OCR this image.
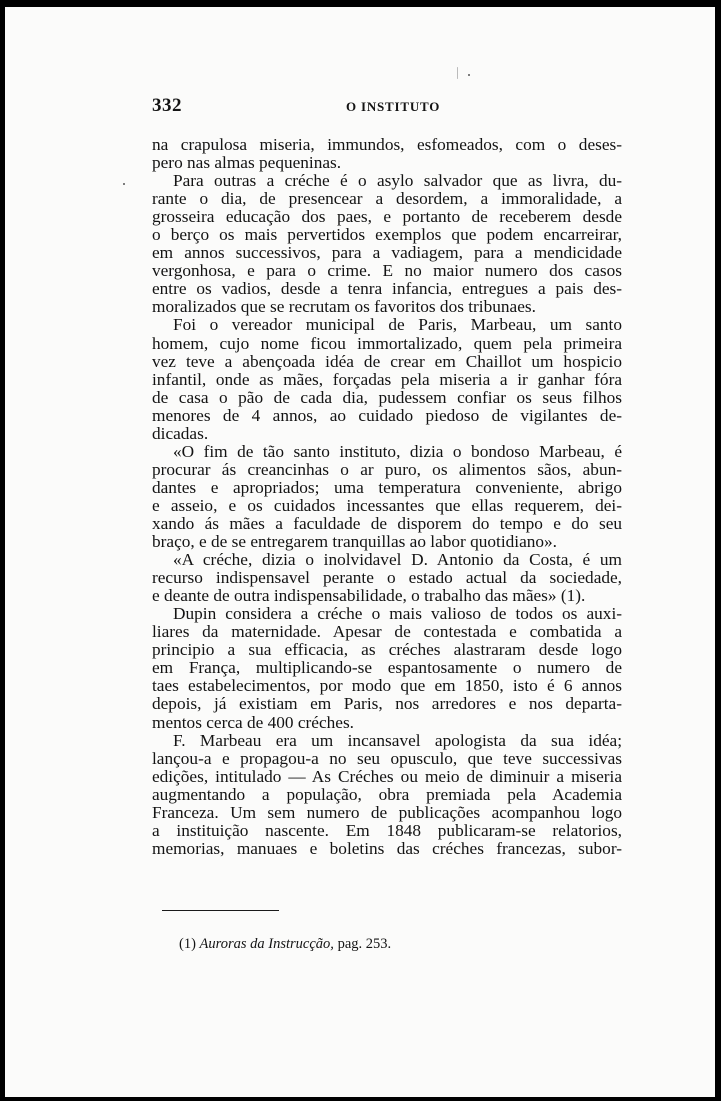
332	O INSTITUTO
na crapulosa miseria, immundos, esfomeados, com o deses-
pero nas almas pequeninas.
Para outras a créche é o asylo salvador que as livra, du-
rante o dia, de presencear a desordem, a immoralidade, a
grosseira educação dos paes, e portanto de receberem desde
o berço os mais pervertidos exemplos que podem encarreirar,
em annos successivos, para a vadiagem, para a mendicidade
vergonhosa, e para o crime. E no maior numero dos casos
entre os vadios, desde a tenra infancia, entregues a pais des-
moralizados que se recrutam os favoritos dos tribunaes.
Foi o vereador municipal de Paris, Marbeau, um santo
homem, cujo nome ficou immortalizado, quem pela primeira
vez teve a abençoada idéa de crear em Chaillot um hospicio
infantil, onde as mães, forçadas pela miseria a ir ganhar fóra
de casa o pão de cada dia, pudessem confiar os seus filhos
menores de 4 annos, ao cuidado piedoso de vigilantes de-
dicadas.
«O fim de tão santo instituto, dizia o bondoso Marbeau, é
procurar ás creancinhas o ar puro, os alimentos sãos, abun-
dantes e apropriados; uma temperatura conveniente, abrigo
e asseio, e os cuidados incessantes que ellas requerem, dei-
xando ás mães a faculdade de disporem do tempo e do seu
braço, e de se entregarem tranquillas ao labor quotidiano».
«A créche, dizia o inolvidavel D. Antonio da Costa, é um
recurso indispensavel perante o estado actual da sociedade,
e deante de outra indispensabilidade, o trabalho das mães» (1).
Dupin considera a créche o mais valioso de todos os auxi-
liares da maternidade. Apesar de contestada e combatida a
principio a sua efficacia, as créches alastraram desde logo
em França, multiplicando-se espantosamente o numero de
taes estabelecimentos, por modo que em 1850, isto é 6 annos
depois, já existiam em Paris, nos arredores e nos departa-
mentos cerca de 400 créches.
F. Marbeau era um incansavel apologista da sua idéa;
lançou-a e propagou-a no seu opusculo, que teve successivas
edições, intitulado — As Créches ou meio de diminuir a miseria
augmentando a população, obra premiada pela Academia
Franceza. Um sem numero de publicações acompanhou logo
a instituição nascente. Em 1848 publicaram-se relatorios,
memorias, manuaes e boletins das créches francezas, subor-
(1) Auroras da Instrucção, pag. 253.
